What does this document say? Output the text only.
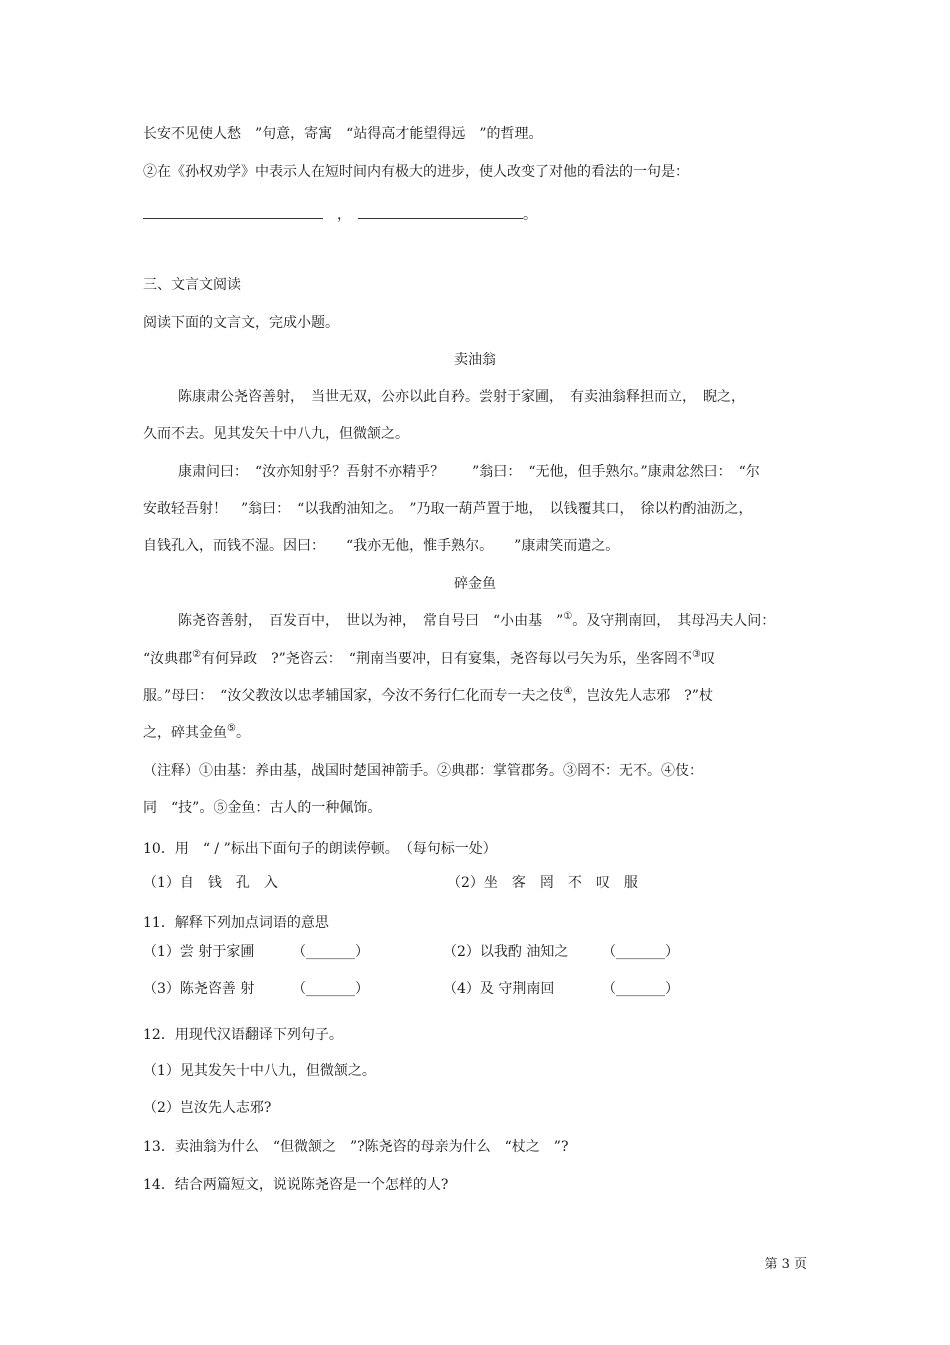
长安不见使人愁　”句意，寄寓　“站得高才能望得远　”的哲理。
②在《孙权劝学》中表示人在短时间内有极大的进步，使人改变了对他的看法的一句是：
　，　	。
三、文言文阅读
阅读下面的文言文，完成小题。
卖油翁
陈康肃公尧咨善射，　当世无双，公亦以此自矜。尝射于家圃，　有卖油翁释担而立，　睨之，
久而不去。见其发矢十中八九，但微颔之。
康肃问曰：　“汝亦知射乎？吾射不亦精乎？　　”翁曰：　“无他，但手熟尔。”康肃忿然曰：　“尔
安敢轻吾射！　”翁曰：　“以我酌油知之。　”乃取一葫芦置于地，　以钱覆其口，　徐以杓酌油沥之，
自钱孔入，而钱不湿。因曰：　　“我亦无他，惟手熟尔。　　”康肃笑而遣之。
碎金鱼
陈尧咨善射，　百发百中，　世以为神，　常自号曰　“小由基　”①。及守荆南回，　其母冯夫人问：
“汝典郡②有何异政　?”尧咨云：　“荆南当要冲，日有宴集，尧咨每以弓矢为乐，坐客罔不③叹
服。”母曰：　“汝父教汝以忠孝辅国家，今汝不务行仁化而专一夫之伎④，岂汝先人志邪　?”杖
之，碎其金鱼⑤。
（注释）①由基：养由基，战国时楚国神箭手。②典郡：掌管郡务。③罔不：无不。④伎：
同　“技”。⑤金鱼：古人的一种佩饰。
10．用　“ / ”标出下面句子的朗读停顿。　（每句标一处）
（1）自　钱　孔　入	（2）坐　客　罔　不　叹　服
11．解释下列加点词语的意思
（1）尝 射于家圃	（_______）	（2）以我酌 油知之 （_______）
（3）陈尧咨善 射	（_______）	（4）及 守荆南回	（_______）
12．用现代汉语翻译下列句子。
（1）见其发矢十中八九，但微颔之。
（2）岂汝先人志邪?
13．卖油翁为什么　“但微颔之　”?陈尧咨的母亲为什么　“杖之　”?
14．结合两篇短文，说说陈尧咨是一个怎样的人?
第 3 页
